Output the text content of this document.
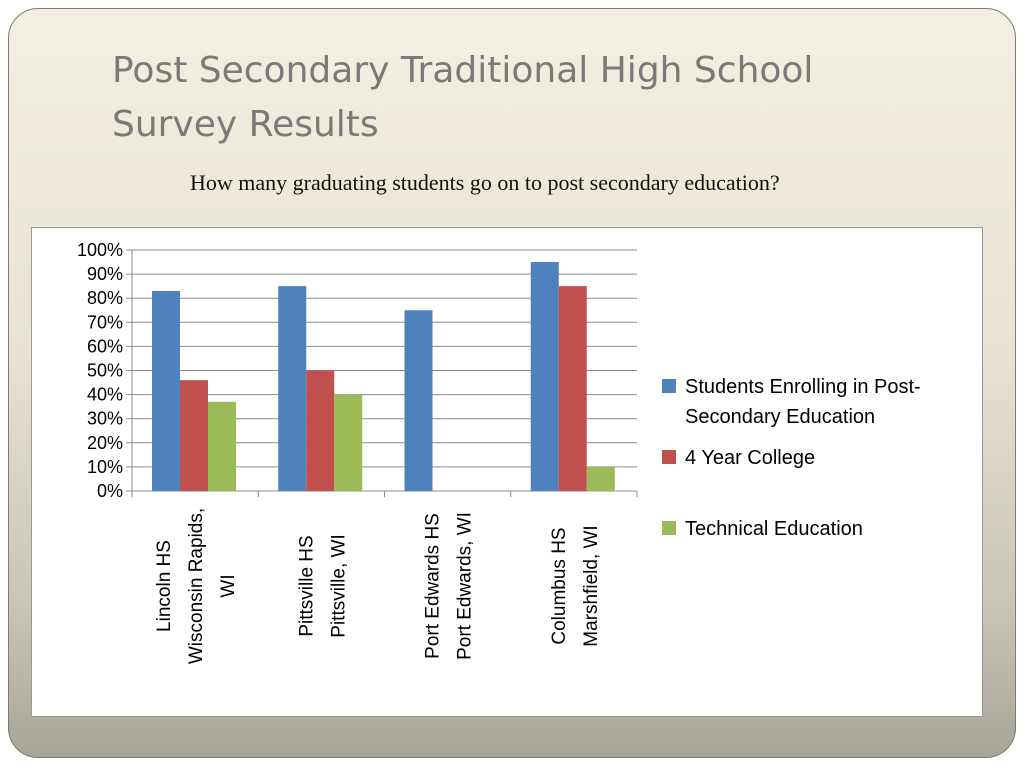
Post Secondary Traditional High School Survey Results

How many graduating students go on to post secondary education?

0%
10%
20%
30%
40%
50%
60%
70%
80%
90%
100%
Lincoln HS Wisconsin Rapids, WI	Pittsville HS Pittsville, WI	Port Edwards HS Port Edwards, WI	Columbus HS Marshfield, WI
Students Enrolling in Post-
Secondary Education
4 Year College
Technical Education
